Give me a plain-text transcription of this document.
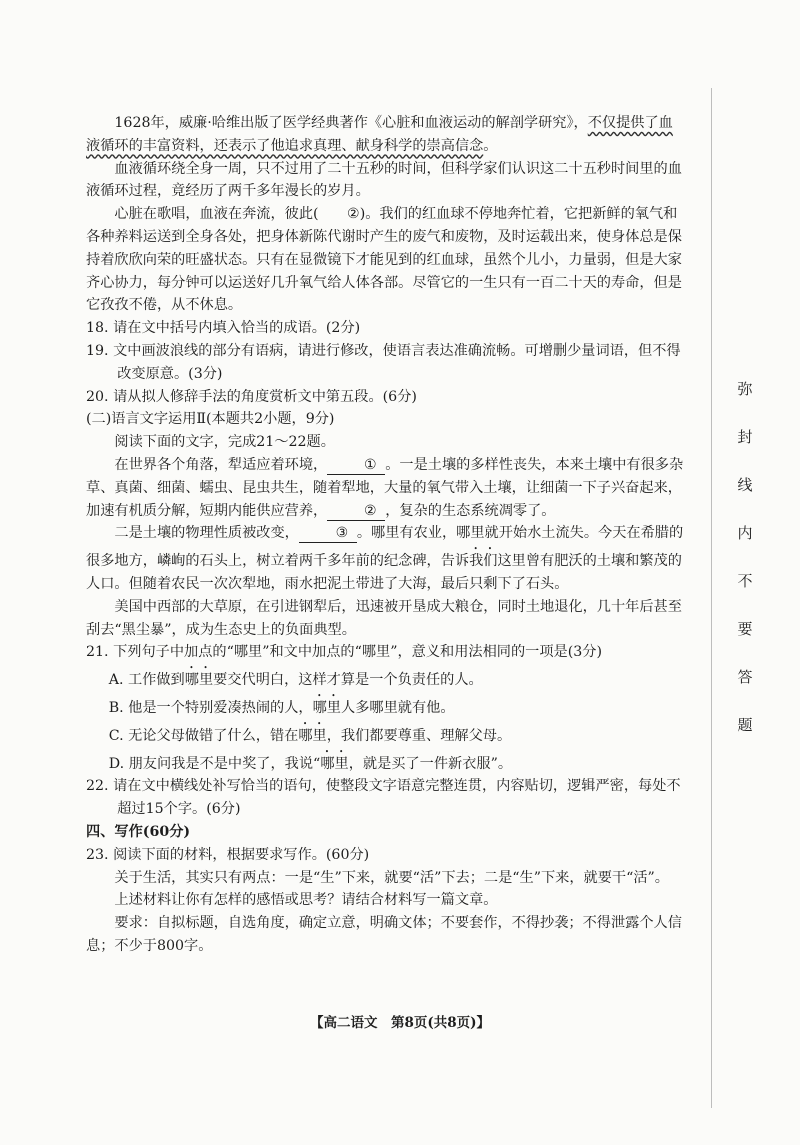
1628年，威廉·哈维出版了医学经典著作《心脏和血液运动的解剖学研究》，不仅提供了血液循环的丰富资料，还表示了他追求真理、献身科学的崇高信念。

血液循环绕全身一周，只不过用了二十五秒的时间，但科学家们认识这二十五秒时间里的血液循环过程，竟经历了两千多年漫长的岁月。

心脏在歌唱，血液在奔流，彼此( ②)。我们的红血球不停地奔忙着，它把新鲜的氧气和各种养料运送到全身各处，把身体新陈代谢时产生的废气和废物，及时运载出来，使身体总是保持着欣欣向荣的旺盛状态。只有在显微镜下才能见到的红血球，虽然个儿小，力量弱，但是大家齐心协力，每分钟可以运送好几升氧气给人体各部。尽管它的一生只有一百二十天的寿命，但是它孜孜不倦，从不休息。

18. 请在文中括号内填入恰当的成语。(2分)

19. 文中画波浪线的部分有语病，请进行修改，使语言表达准确流畅。可增删少量词语，但不得改变原意。(3分)

20. 请从拟人修辞手法的角度赏析文中第五段。(6分)

(二)语言文字运用Ⅱ(本题共2小题，9分)

阅读下面的文字，完成21～22题。

在世界各个角落，犁适应着环境，	① 。一是土壤的多样性丧失，本来土壤中有很多杂草、真菌、细菌、蠕虫、昆虫共生，随着犁地，大量的氧气带入土壤，让细菌一下子兴奋起来，加速有机质分解，短期内能供应营养，	② ，复杂的生态系统凋零了。

二是土壤的物理性质被改变，	③ 。哪里有农业，哪里就开始水土流失。今天在希腊的很多地方，嶙峋的石头上，树立着两千多年前的纪念碑，告诉我们这里曾有肥沃的土壤和繁茂的人口。但随着农民一次次犁地，雨水把泥土带进了大海，最后只剩下了石头。

美国中西部的大草原，在引进钢犁后，迅速被开垦成大粮仓，同时土地退化，几十年后甚至刮去“黑尘暴”，成为生态史上的负面典型。

21. 下列句子中加点的“哪里”和文中加点的“哪里”，意义和用法相同的一项是(3分)

A. 工作做到哪里要交代明白，这样才算是一个负责任的人。

B. 他是一个特别爱凑热闹的人，哪里人多哪里就有他。

C. 无论父母做错了什么，错在哪里，我们都要尊重、理解父母。

D. 朋友问我是不是中奖了，我说“哪里，就是买了一件新衣服”。

22. 请在文中横线处补写恰当的语句，使整段文字语意完整连贯，内容贴切，逻辑严密，每处不超过15个字。(6分)

四、写作(60分)

23. 阅读下面的材料，根据要求写作。(60分)

关于生活，其实只有两点：一是“生”下来，就要“活”下去；二是“生”下来，就要干“活”。

上述材料让你有怎样的感悟或思考？请结合材料写一篇文章。

要求：自拟标题，自选角度，确定立意，明确文体；不要套作，不得抄袭；不得泄露个人信息；不少于800字。

弥
封
线
内
不
要
答
题
【高二语文　第8页(共8页)】
